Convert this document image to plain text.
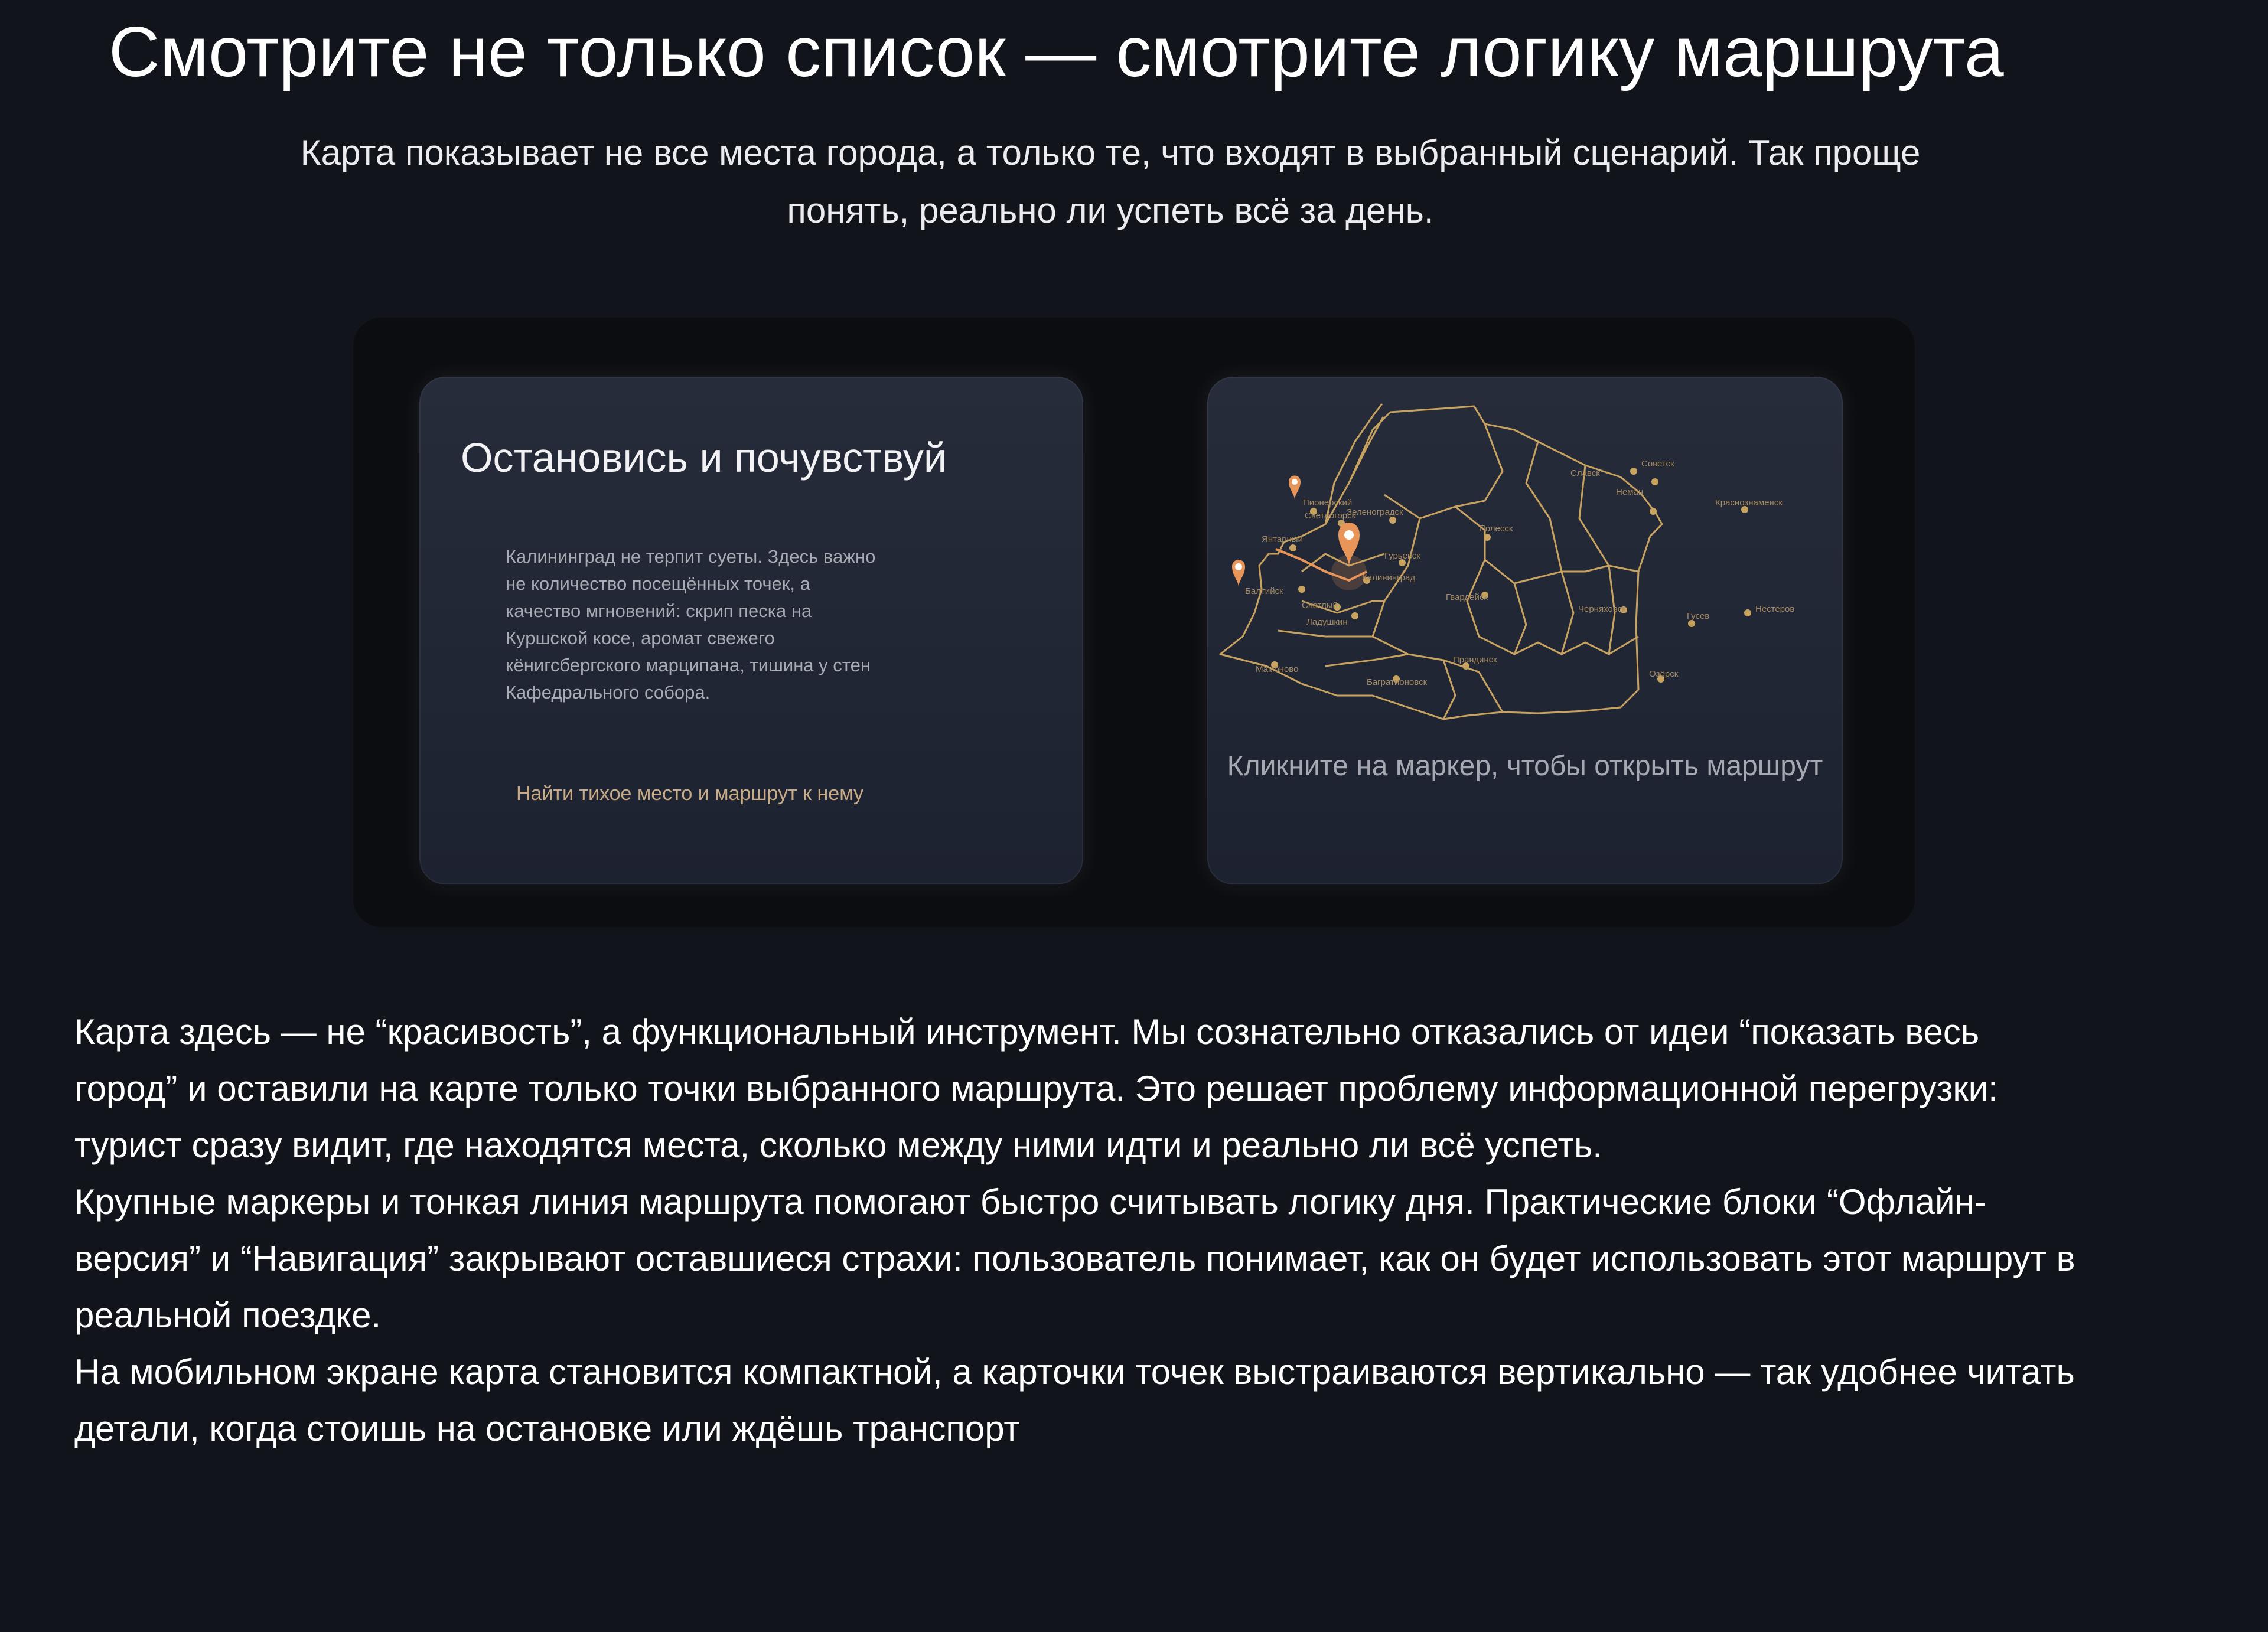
Смотрите не только список — смотрите логику маршрута

Карта показывает не все места города, а только те, что входят в выбранный сценарий. Так проще понять, реально ли успеть всё за день.

Остановись и почувствуй

Калининград не терпит суеты. Здесь важно не количество посещённых точек, а качество мгновений: скрип песка на Куршской косе, аромат свежего кёнигсбергского марципана, тишина у стен Кафедрального собора.

Найти тихое место и маршрут к нему
Советск
Славск
Неман
Краснознаменск
Пионерский
Светлогорск
Зеленоградск
Янтарный
Полесск
Гурьевск
Калининград
Балтийск
Светлый
Ладушкин
Гвардейск
Черняховск
Гусев
Нестеров
Мамоново
Багратионовск
Правдинск
Озёрск

Кликните на маркер, чтобы открыть маршрут

Карта здесь — не “красивость”, а функциональный инструмент. Мы сознательно отказались от идеи “показать весь город” и оставили на карте только точки выбранного маршрута. Это решает проблему информационной перегрузки: турист сразу видит, где находятся места, сколько между ними идти и реально ли всё успеть.

Крупные маркеры и тонкая линия маршрута помогают быстро считывать логику дня. Практические блоки “Офлайн-версия” и “Навигация” закрывают оставшиеся страхи: пользователь понимает, как он будет использовать этот маршрут в реальной поездке.

На мобильном экране карта становится компактной, а карточки точек выстраиваются вертикально — так удобнее читать детали, когда стоишь на остановке или ждёшь транспорт
